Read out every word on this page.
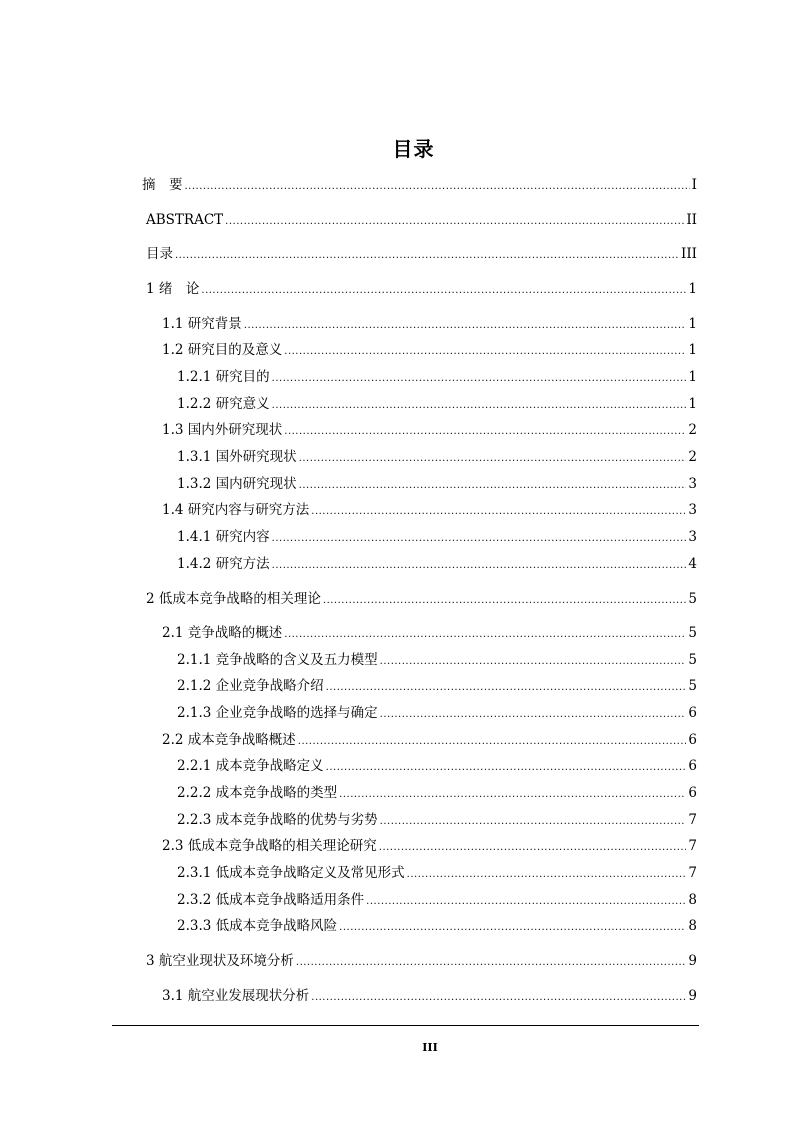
目录
摘　要 .....	I
ABSTRACT .....	II
目录 .....	III
1 绪　论 .....	1
1.1 研究背景 .....	1
1.2 研究目的及意义 .....	1
1.2.1 研究目的 .....	1
1.2.2 研究意义 .....	1
1.3 国内外研究现状 .....	2
1.3.1 国外研究现状 .....	2
1.3.2 国内研究现状 .....	3
1.4 研究内容与研究方法 .....	3
1.4.1 研究内容 .....	3
1.4.2 研究方法 .....	4
2 低成本竞争战略的相关理论 .....	5
2.1 竞争战略的概述 .....	5
2.1.1 竞争战略的含义及五力模型 .....	5
2.1.2 企业竞争战略介绍 .....	5
2.1.3 企业竞争战略的选择与确定 .....	6
2.2 成本竞争战略概述 .....	6
2.2.1 成本竞争战略定义 .....	6
2.2.2 成本竞争战略的类型 .....	6
2.2.3 成本竞争战略的优势与劣势 .....	7
2.3 低成本竞争战略的相关理论研究 .....	7
2.3.1 低成本竞争战略定义及常见形式 .....	7
2.3.2 低成本竞争战略适用条件 .....	8
2.3.3 低成本竞争战略风险 .....	8
3 航空业现状及环境分析 .....	9
3.1 航空业发展现状分析 .....	9
III
